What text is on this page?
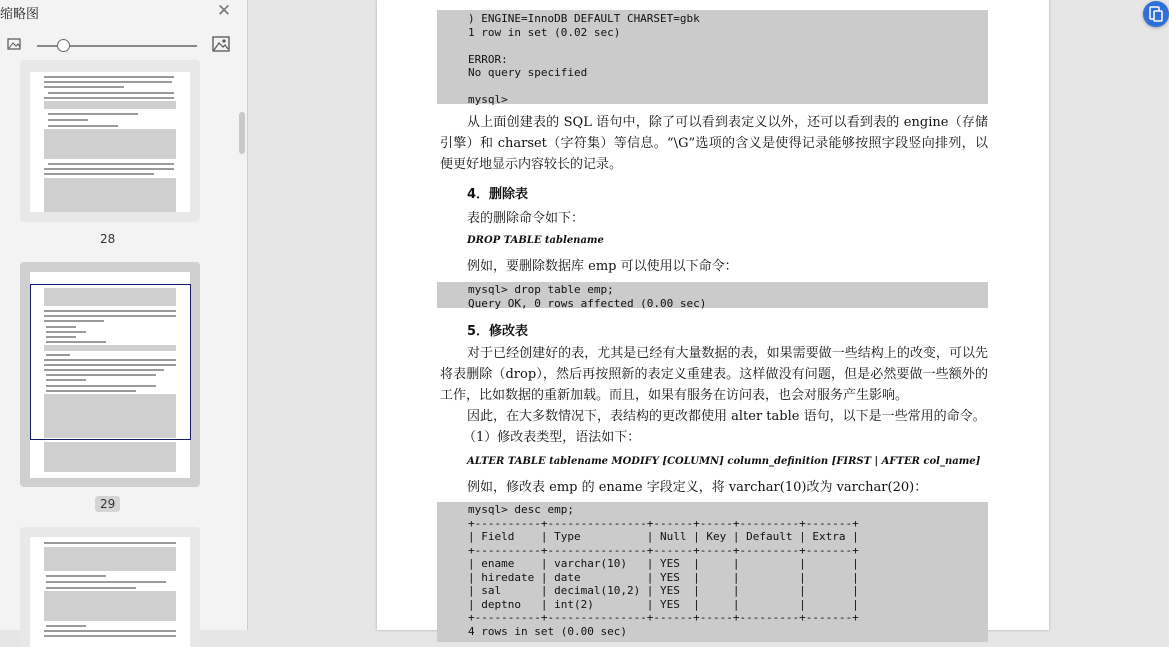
缩略图	✕
28
29
) ENGINE=InnoDB DEFAULT CHARSET=gbk
1 row in set (0.02 sec)

ERROR:
No query specified

mysql>
从上面创建表的 SQL 语句中，除了可以看到表定义以外，还可以看到表的 engine（存储引擎）和 charset（字符集）等信息。“\G”选项的含义是使得记录能够按照字段竖向排列，以便更好地显示内容较长的记录。
4．删除表
表的删除命令如下：
DROP TABLE tablename
例如，要删除数据库 emp 可以使用以下命令：
mysql> drop table emp;
Query OK, 0 rows affected (0.00 sec)
5．修改表
对于已经创建好的表，尤其是已经有大量数据的表，如果需要做一些结构上的改变，可以先将表删除（drop），然后再按照新的表定义重建表。这样做没有问题，但是必然要做一些额外的工作，比如数据的重新加载。而且，如果有服务在访问表，也会对服务产生影响。
因此，在大多数情况下，表结构的更改都使用 alter table 语句，以下是一些常用的命令。
（1）修改表类型，语法如下：
ALTER TABLE tablename MODIFY [COLUMN] column_definition [FIRST | AFTER col_name]
例如，修改表 emp 的 ename 字段定义，将 varchar(10)改为 varchar(20)：
mysql> desc emp;
+----------+---------------+------+-----+---------+-------+
| Field    | Type          | Null | Key | Default | Extra |
+----------+---------------+------+-----+---------+-------+
| ename    | varchar(10)   | YES  |     |         |       |
| hiredate | date          | YES  |     |         |       |
| sal      | decimal(10,2) | YES  |     |         |       |
| deptno   | int(2)        | YES  |     |         |       |
+----------+---------------+------+-----+---------+-------+
4 rows in set (0.00 sec)
